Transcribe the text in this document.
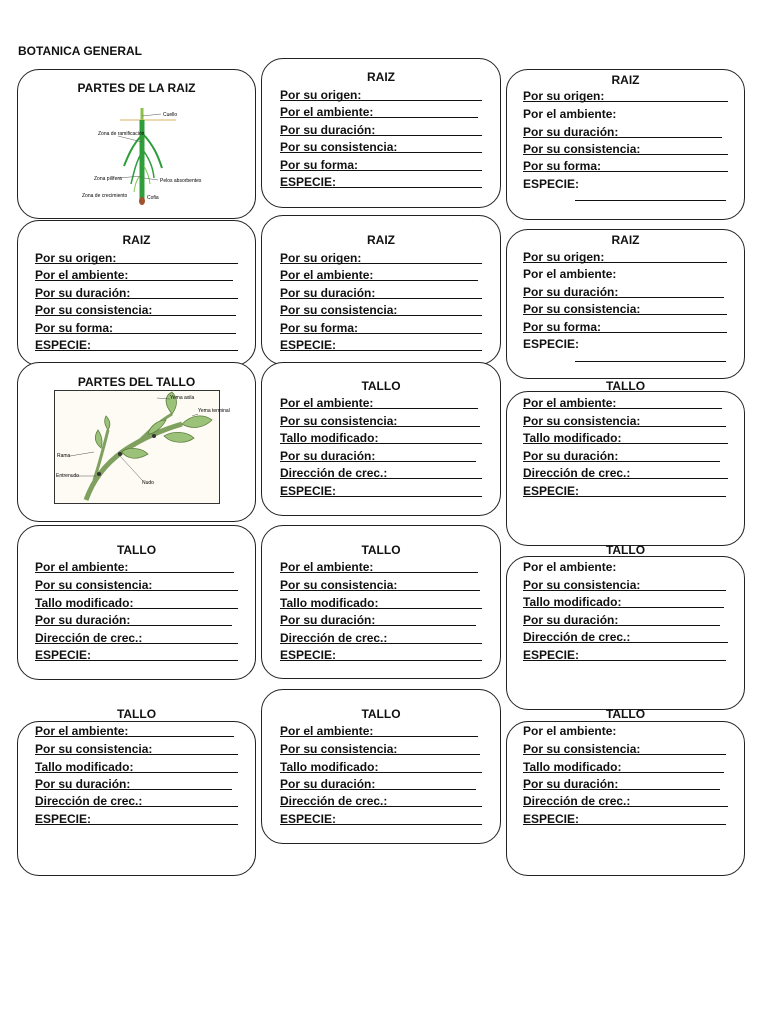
BOTANICA GENERAL
PARTES DE LA RAIZ
Cuello
Zona de ramificación
Zona pilífera	Pelos absorbentes
Zona de crecimiento	Cofia
RAIZ
Por su origen:
Por el ambiente:
Por su duración:
Por su consistencia:
Por su forma:
ESPECIE:
RAIZ
Por su origen:
Por el ambiente:
Por su duración:
Por su consistencia:
Por su forma:
ESPECIE:
RAIZ
Por su origen:
Por el ambiente:
Por su duración:
Por su consistencia:
Por su forma:
ESPECIE:
RAIZ
Por su origen:
Por el ambiente:
Por su duración:
Por su consistencia:
Por su forma:
ESPECIE:
RAIZ
Por su origen:
Por el ambiente:
Por su duración:
Por su consistencia:
Por su forma:
ESPECIE:
PARTES DEL TALLO
Yema axila
Yema terminal
Rama
Entrenudo
Nudo
TALLO
Por el ambiente:
Por su consistencia:
Tallo modificado:
Por su duración:
Dirección de crec.:
ESPECIE:
TALLO
Por el ambiente:
Por su consistencia:
Tallo modificado:
Por su duración:
Dirección de crec.:
ESPECIE:
TALLO
Por el ambiente:
Por su consistencia:
Tallo modificado:
Por su duración:
Dirección de crec.:
ESPECIE:
TALLO
Por el ambiente:
Por su consistencia:
Tallo modificado:
Por su duración:
Dirección de crec.:
ESPECIE:
TALLO
Por el ambiente:
Por su consistencia:
Tallo modificado:
Por su duración:
Dirección de crec.:
ESPECIE:
TALLO
Por el ambiente:
Por su consistencia:
Tallo modificado:
Por su duración:
Dirección de crec.:
ESPECIE:
TALLO
Por el ambiente:
Por su consistencia:
Tallo modificado:
Por su duración:
Dirección de crec.:
ESPECIE:
TALLO
Por el ambiente:
Por su consistencia:
Tallo modificado:
Por su duración:
Dirección de crec.:
ESPECIE:
